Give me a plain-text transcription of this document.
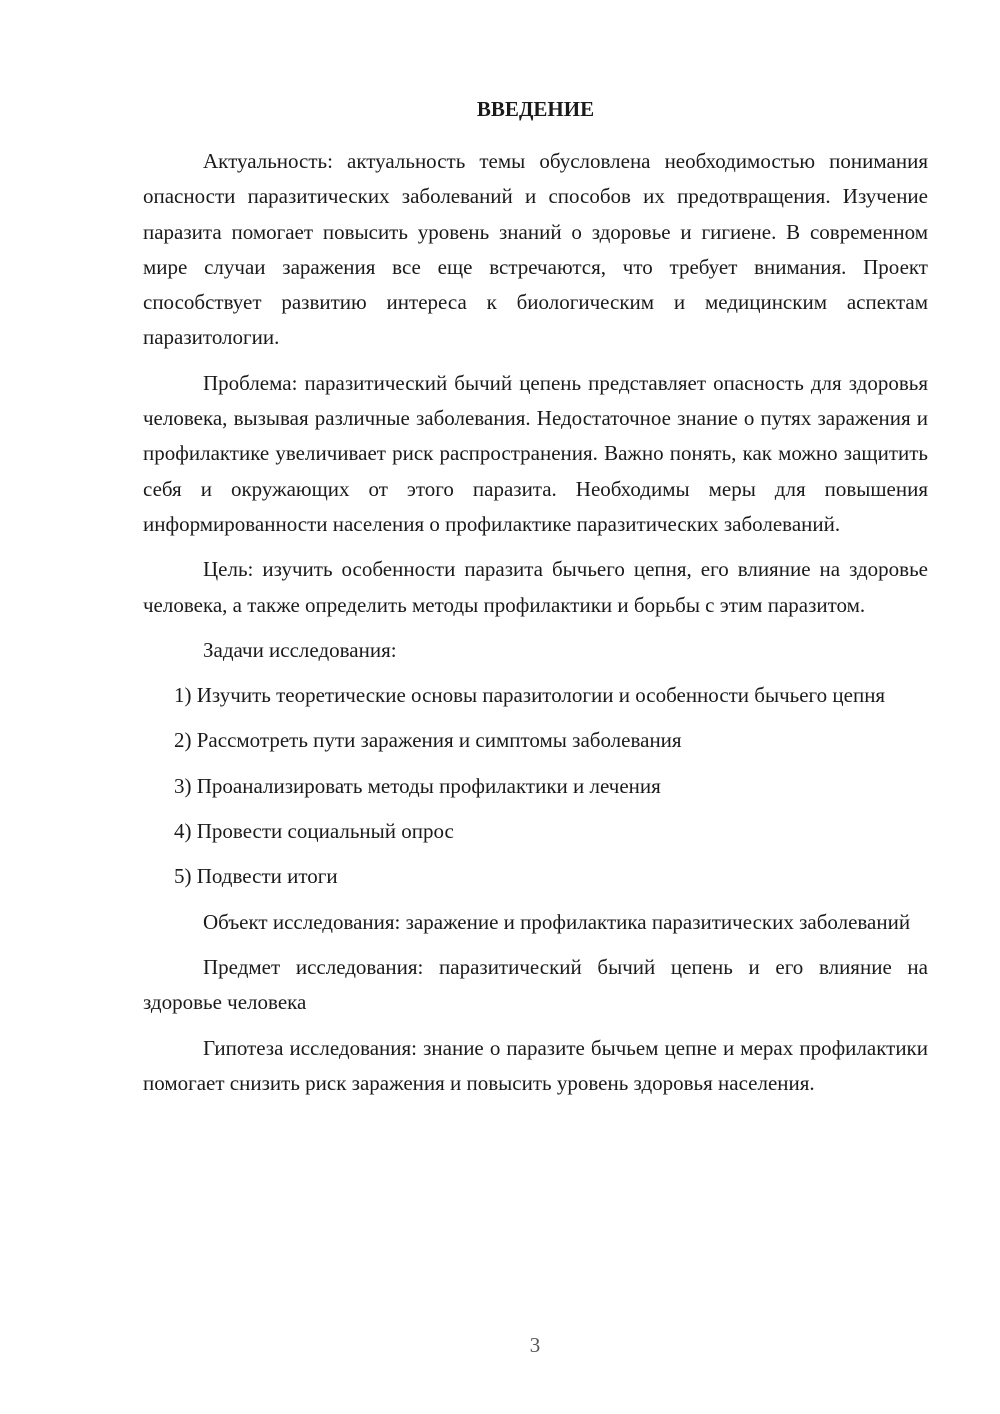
ВВЕДЕНИЕ

Актуальность: актуальность темы обусловлена необходимостью понимания опасности паразитических заболеваний и способов их предотвращения. Изучение паразита помогает повысить уровень знаний о здоровье и гигиене. В современном мире случаи заражения все еще встречаются, что требует внимания. Проект способствует развитию интереса к биологическим и медицинским аспектам паразитологии.

Проблема: паразитический бычий цепень представляет опасность для здоровья человека, вызывая различные заболевания. Недостаточное знание о путях заражения и профилактике увеличивает риск распространения. Важно понять, как можно защитить себя и окружающих от этого паразита. Необходимы меры для повышения информированности населения о профилактике паразитических заболеваний.

Цель: изучить особенности паразита бычьего цепня, его влияние на здоровье человека, а также определить методы профилактики и борьбы с этим паразитом.

Задачи исследования:

1) Изучить теоретические основы паразитологии и особенности бычьего цепня

2) Рассмотреть пути заражения и симптомы заболевания

3) Проанализировать методы профилактики и лечения

4) Провести социальный опрос

5) Подвести итоги

Объект исследования: заражение и профилактика паразитических заболеваний

Предмет исследования: паразитический бычий цепень и его влияние на здоровье человека

Гипотеза исследования: знание о паразите бычьем цепне и мерах профилактики помогает снизить риск заражения и повысить уровень здоровья населения.

3
